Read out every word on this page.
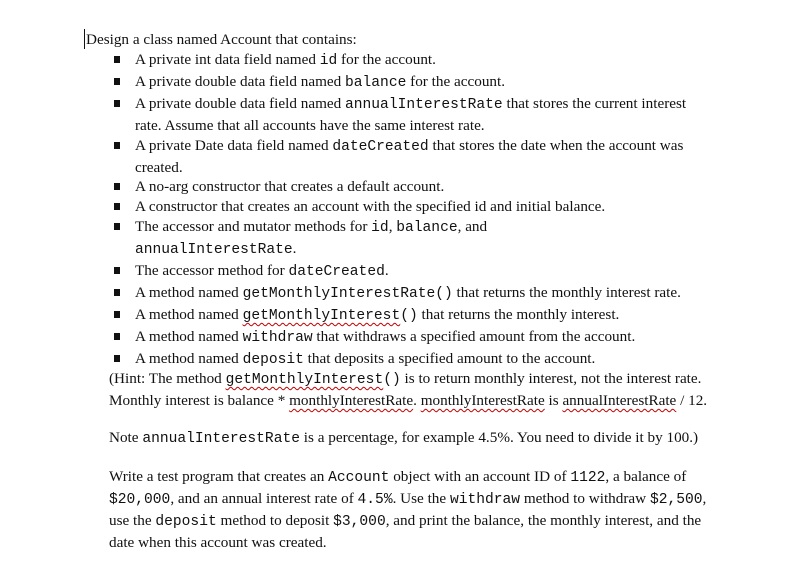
Design a class named Account that contains:
A private int data field named id for the account.
A private double data field named balance for the account.
A private double data field named annualInterestRate that stores the current interest rate. Assume that all accounts have the same interest rate.
A private Date data field named dateCreated that stores the date when the account was created.
A no-arg constructor that creates a default account.
A constructor that creates an account with the specified id and initial balance.
The accessor and mutator methods for id, balance, and
annualInterestRate.
The accessor method for dateCreated.
A method named getMonthlyInterestRate() that returns the monthly interest rate.
A method named getMonthlyInterest() that returns the monthly interest.
A method named withdraw that withdraws a specified amount from the account.
A method named deposit that deposits a specified amount to the account.
(Hint: The method getMonthlyInterest() is to return monthly interest, not the interest rate. Monthly interest is balance * monthlyInterestRate. monthlyInterestRate is annualInterestRate / 12.
Note annualInterestRate is a percentage, for example 4.5%. You need to divide it by 100.)
Write a test program that creates an Account object with an account ID of 1122, a balance of $20,000, and an annual interest rate of 4.5%. Use the withdraw method to withdraw $2,500, use the deposit method to deposit $3,000, and print the balance, the monthly interest, and the date when this account was created.
